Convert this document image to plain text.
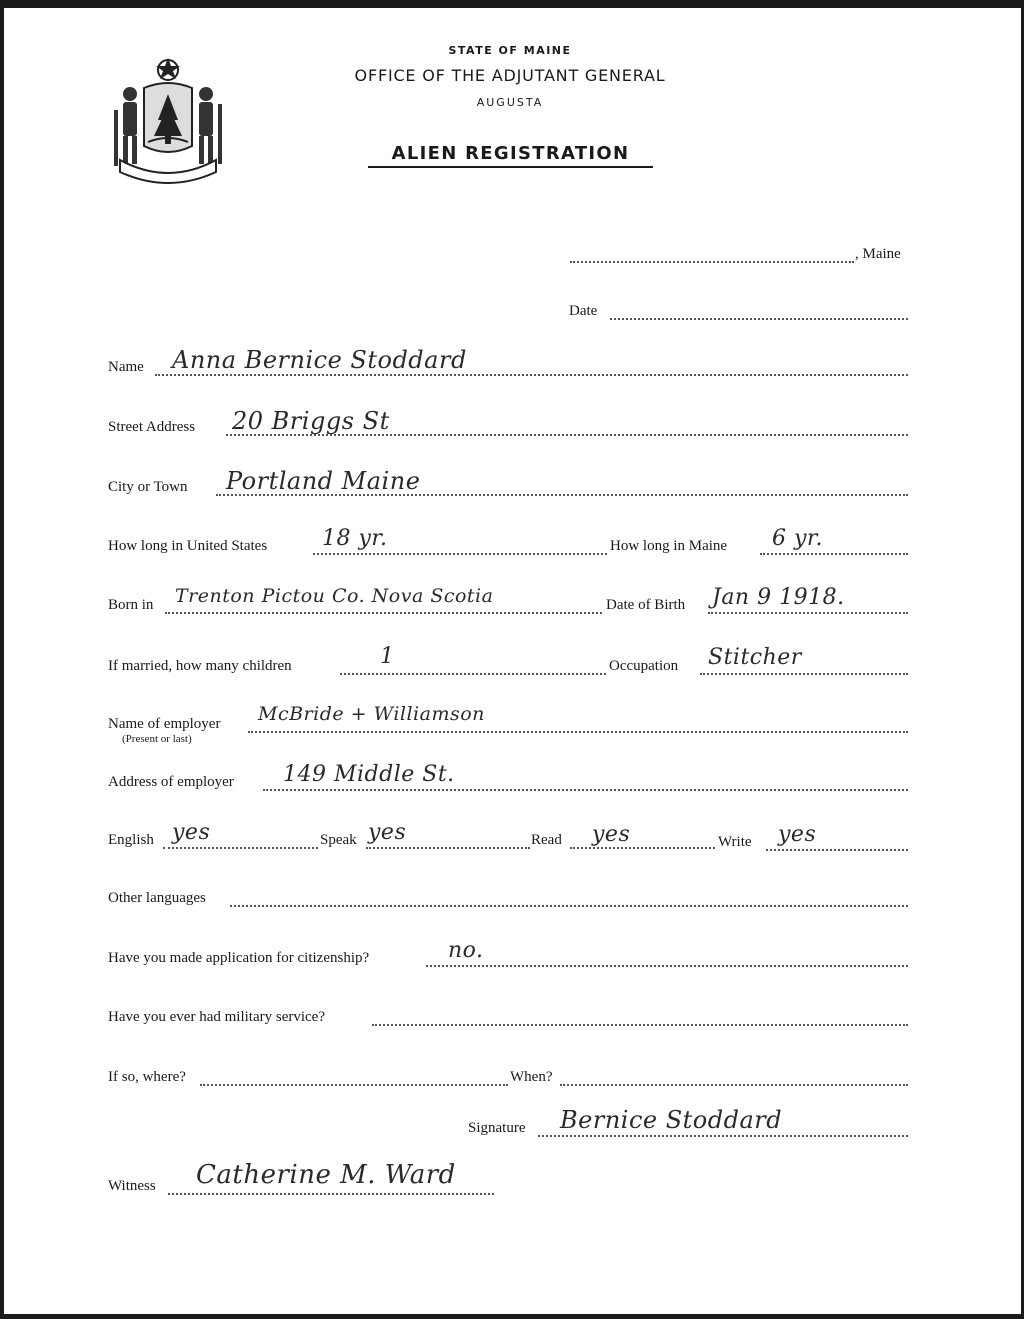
STATE OF MAINE
OFFICE OF THE ADJUTANT GENERAL
AUGUSTA
ALIEN REGISTRATION
, Maine
Date
Name Anna Bernice Stoddard
Street Address 20 Briggs St
City or Town Portland Maine
How long in United States 18 yr.	How long in Maine 6 yr.
Born in Trenton Pictou Co. Nova Scotia	Date of Birth Jan 9 1918.
If married, how many children	1	Occupation Stitcher
Name of employer
(Present or last)
McBride + Williamson
Address of employer 149 Middle St.
English yes	Speak yes	Read yes	Write yes
Other languages
Have you made application for citizenship?	no.
Have you ever had military service?
If so, where?	When?
Signature Bernice Stoddard
Witness Catherine M. Ward
